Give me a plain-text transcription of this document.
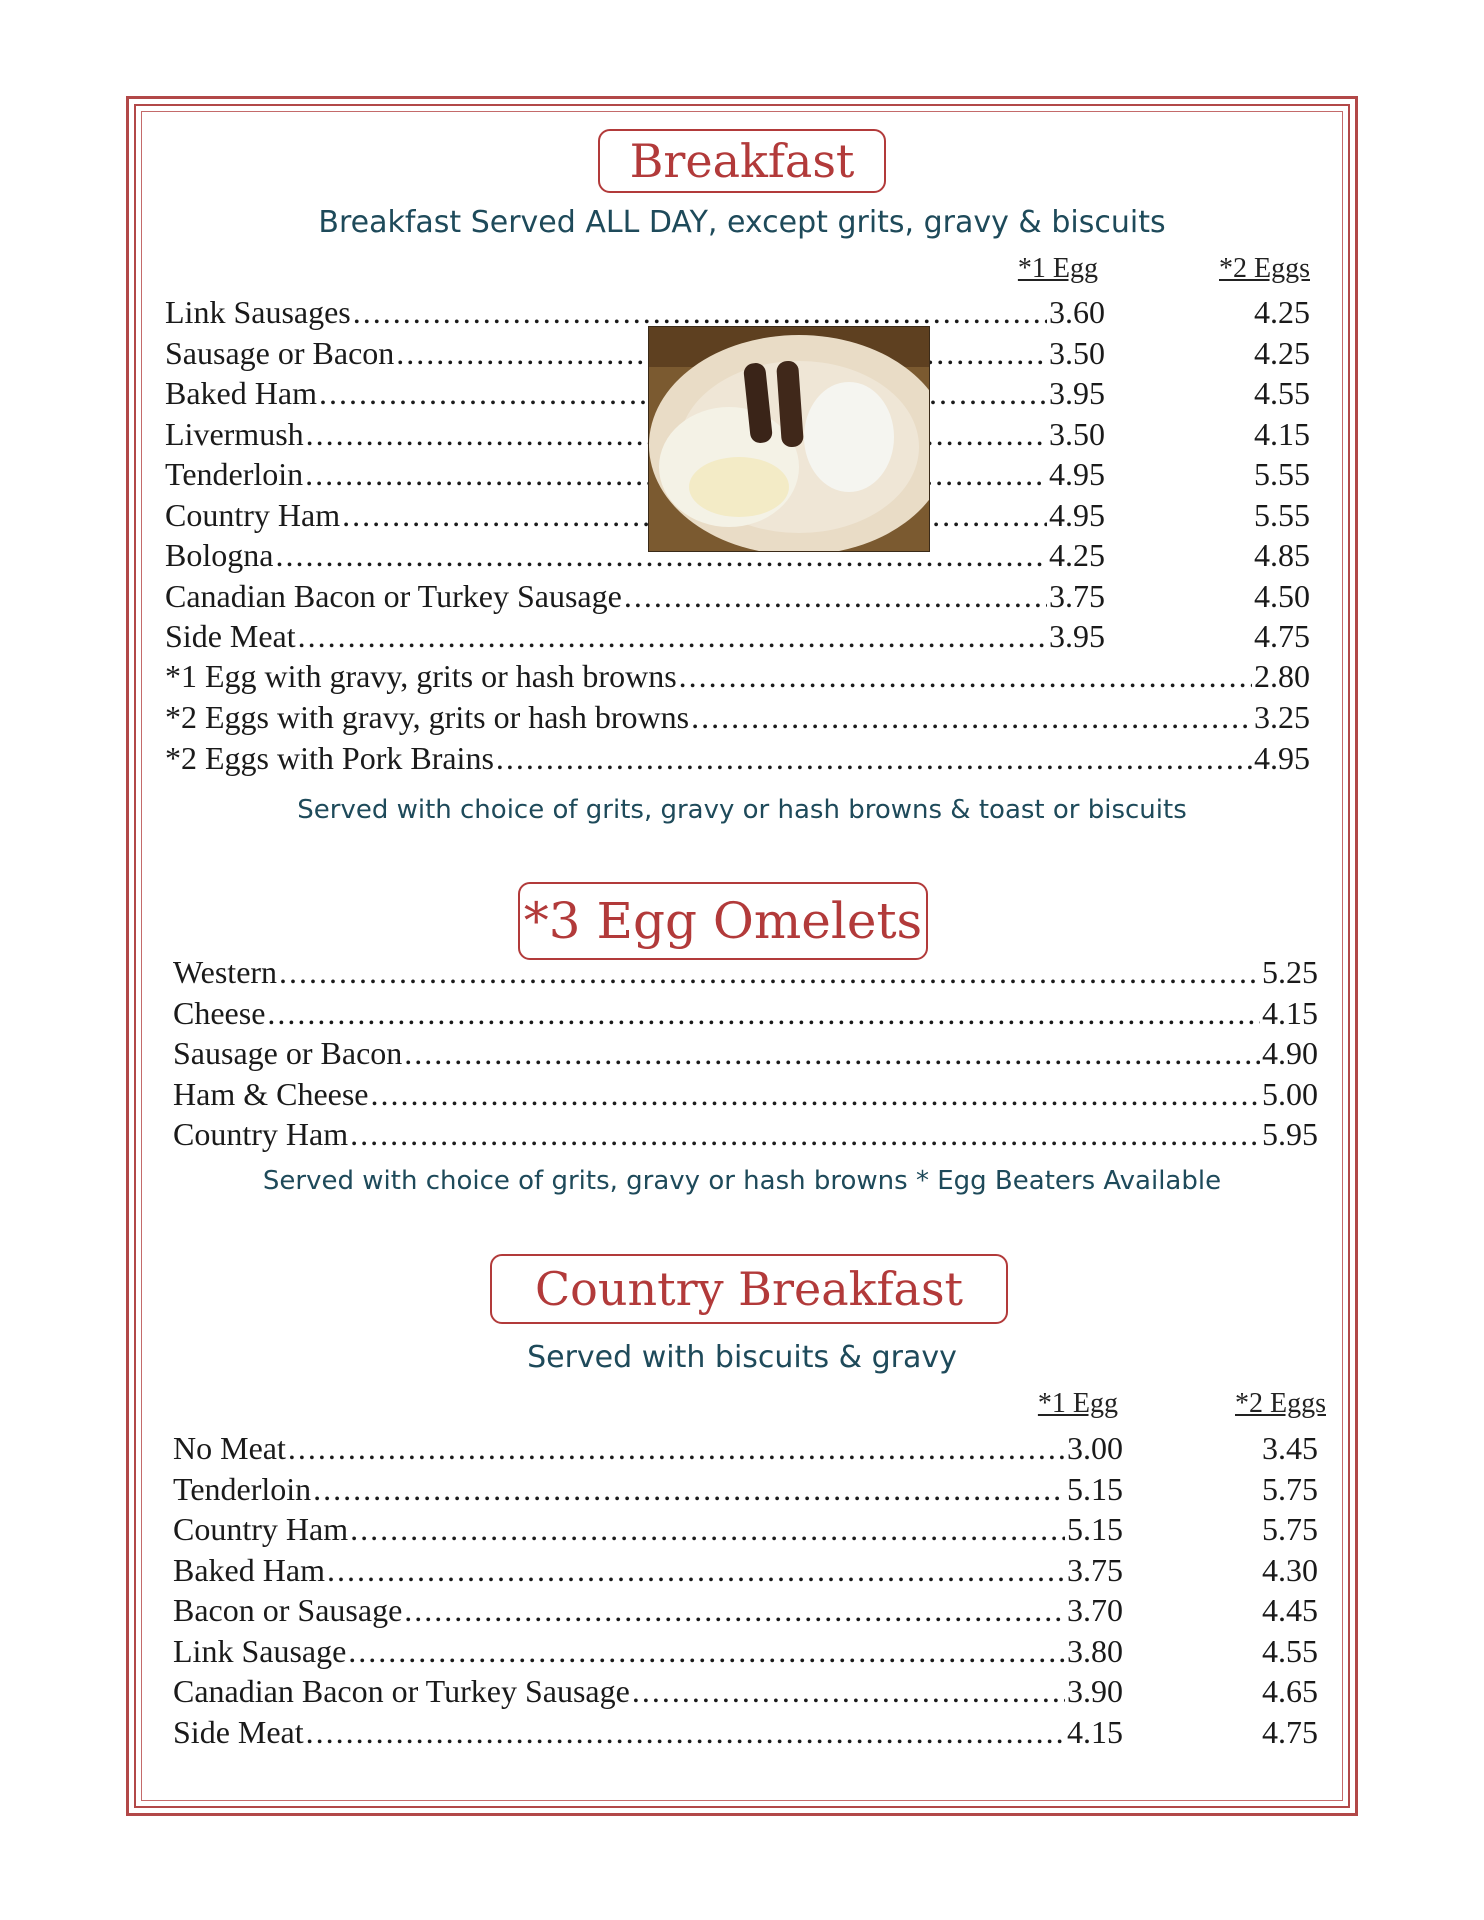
Breakfast
Breakfast Served ALL DAY, except grits, gravy & biscuits
*1 Egg	*2 Eggs
Link Sausages .....	3.60	4.25
Sausage or Bacon .....	3.50	4.25
Baked Ham .....	3.95	4.55
Livermush .....	3.50	4.15
Tenderloin .....	4.95	5.55
Country Ham .....	4.95	5.55
Bologna .....	4.25	4.85
Canadian Bacon or Turkey Sausage .....	3.75	4.50
Side Meat .....	3.95	4.75
*1 Egg with gravy, grits or hash browns .....	2.80
*2 Eggs with gravy, grits or hash browns .....	3.25
*2 Eggs with Pork Brains .....	4.95
Served with choice of grits, gravy or hash browns & toast or biscuits
*3 Egg Omelets
Western .....	5.25
Cheese .....	4.15
Sausage or Bacon .....	4.90
Ham & Cheese .....	5.00
Country Ham .....	5.95
Served with choice of grits, gravy or hash browns * Egg Beaters Available
Country Breakfast
Served with biscuits & gravy
*1 Egg	*2 Eggs
No Meat .....	3.00	3.45
Tenderloin .....	5.15	5.75
Country Ham .....	5.15	5.75
Baked Ham .....	3.75	4.30
Bacon or Sausage .....	3.70	4.45
Link Sausage .....	3.80	4.55
Canadian Bacon or Turkey Sausage .....	3.90	4.65
Side Meat .....	4.15	4.75
